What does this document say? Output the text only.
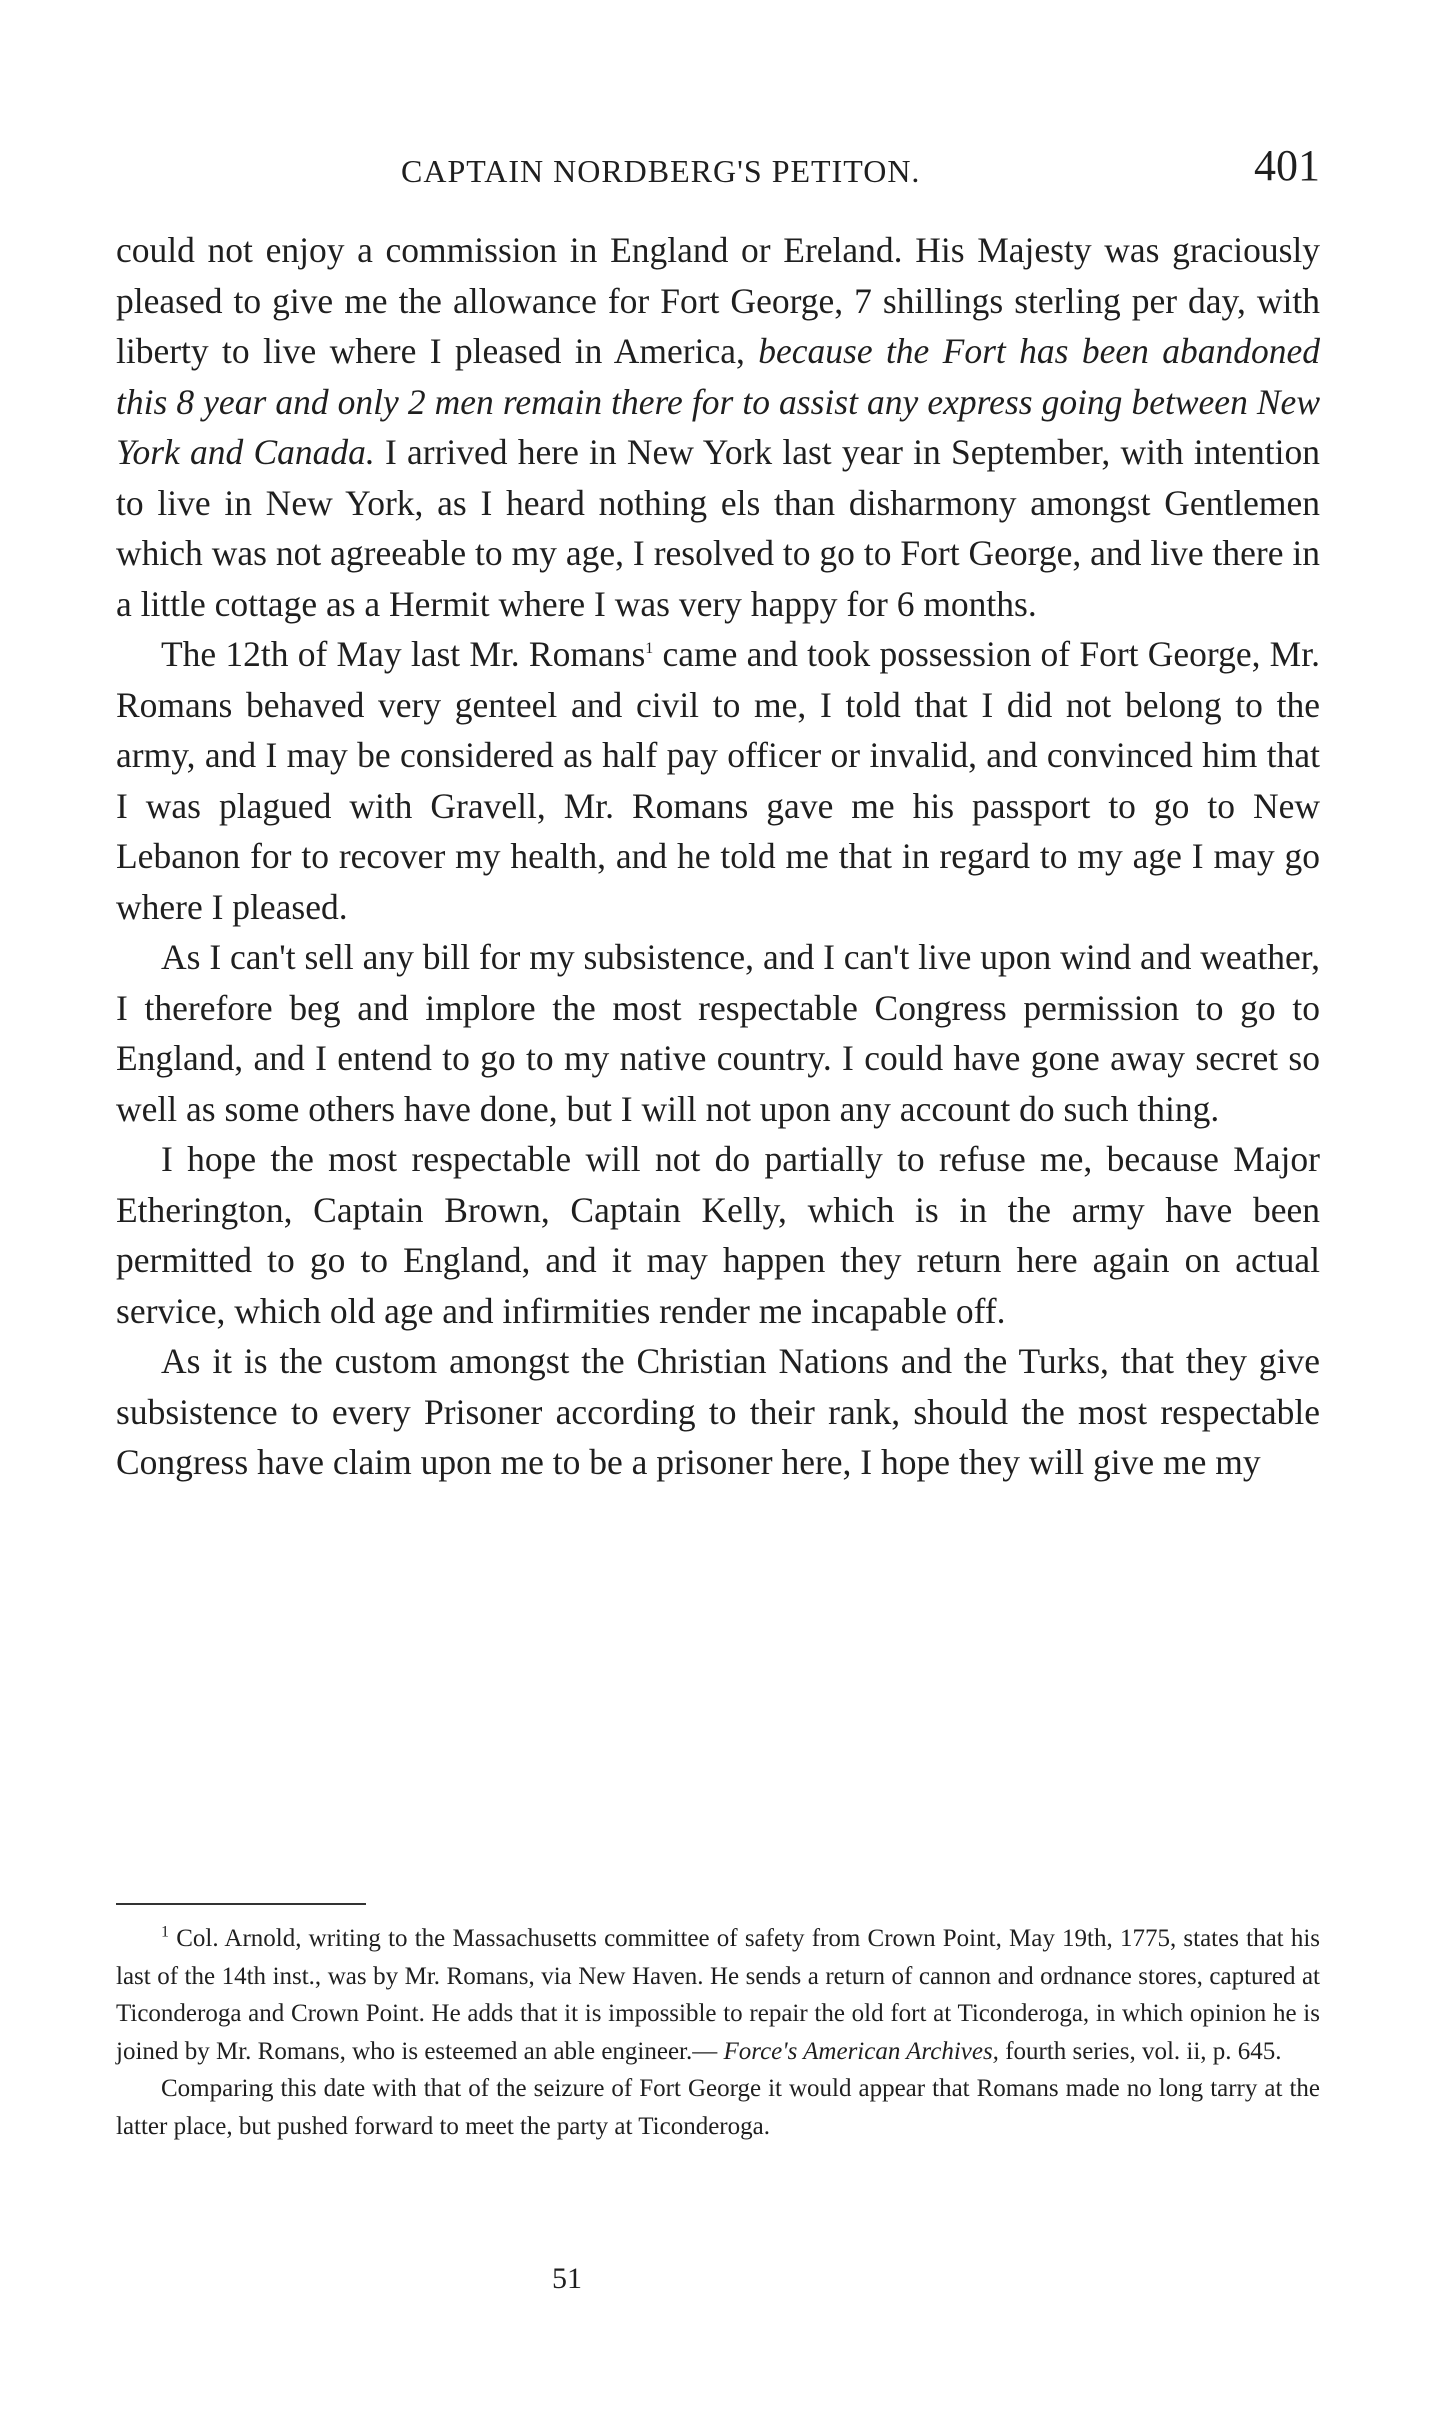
CAPTAIN NORDBERG'S PETITON.	401

could not enjoy a commission in England or Ereland. His Majesty was graciously pleased to give me the allowance for Fort George, 7 shillings sterling per day, with liberty to live where I pleased in America, because the Fort has been abandoned this 8 year and only 2 men remain there for to assist any express going between New York and Canada. I arrived here in New York last year in September, with intention to live in New York, as I heard nothing els than disharmony amongst Gentlemen which was not agreeable to my age, I resolved to go to Fort George, and live there in a little cottage as a Hermit where I was very happy for 6 months.

The 12th of May last Mr. Romans$^1$ came and took possession of Fort George, Mr. Romans behaved very genteel and civil to me, I told that I did not belong to the army, and I may be considered as half pay officer or invalid, and convinced him that I was plagued with Gravell, Mr. Romans gave me his passport to go to New Lebanon for to recover my health, and he told me that in regard to my age I may go where I pleased.

As I can't sell any bill for my subsistence, and I can't live upon wind and weather, I therefore beg and implore the most respectable Congress permission to go to England, and I entend to go to my native country. I could have gone away secret so well as some others have done, but I will not upon any account do such thing.

I hope the most respectable will not do partially to refuse me, because Major Etherington, Captain Brown, Captain Kelly, which is in the army have been permitted to go to England, and it may happen they return here again on actual service, which old age and infirmities render me incapable off.

As it is the custom amongst the Christian Nations and the Turks, that they give subsistence to every Prisoner according to their rank, should the most respectable Congress have claim upon me to be a prisoner here, I hope they will give me my

$^1$ Col. Arnold, writing to the Massachusetts committee of safety from Crown Point, May 19th, 1775, states that his last of the 14th inst., was by Mr. Romans, via New Haven. He sends a return of cannon and ordnance stores, captured at Ticonderoga and Crown Point. He adds that it is impossible to repair the old fort at Ticonderoga, in which opinion he is joined by Mr. Romans, who is esteemed an able engineer.— Force's American Archives, fourth series, vol. ii, p. 645.

Comparing this date with that of the seizure of Fort George it would appear that Romans made no long tarry at the latter place, but pushed forward to meet the party at Ticonderoga.

51
